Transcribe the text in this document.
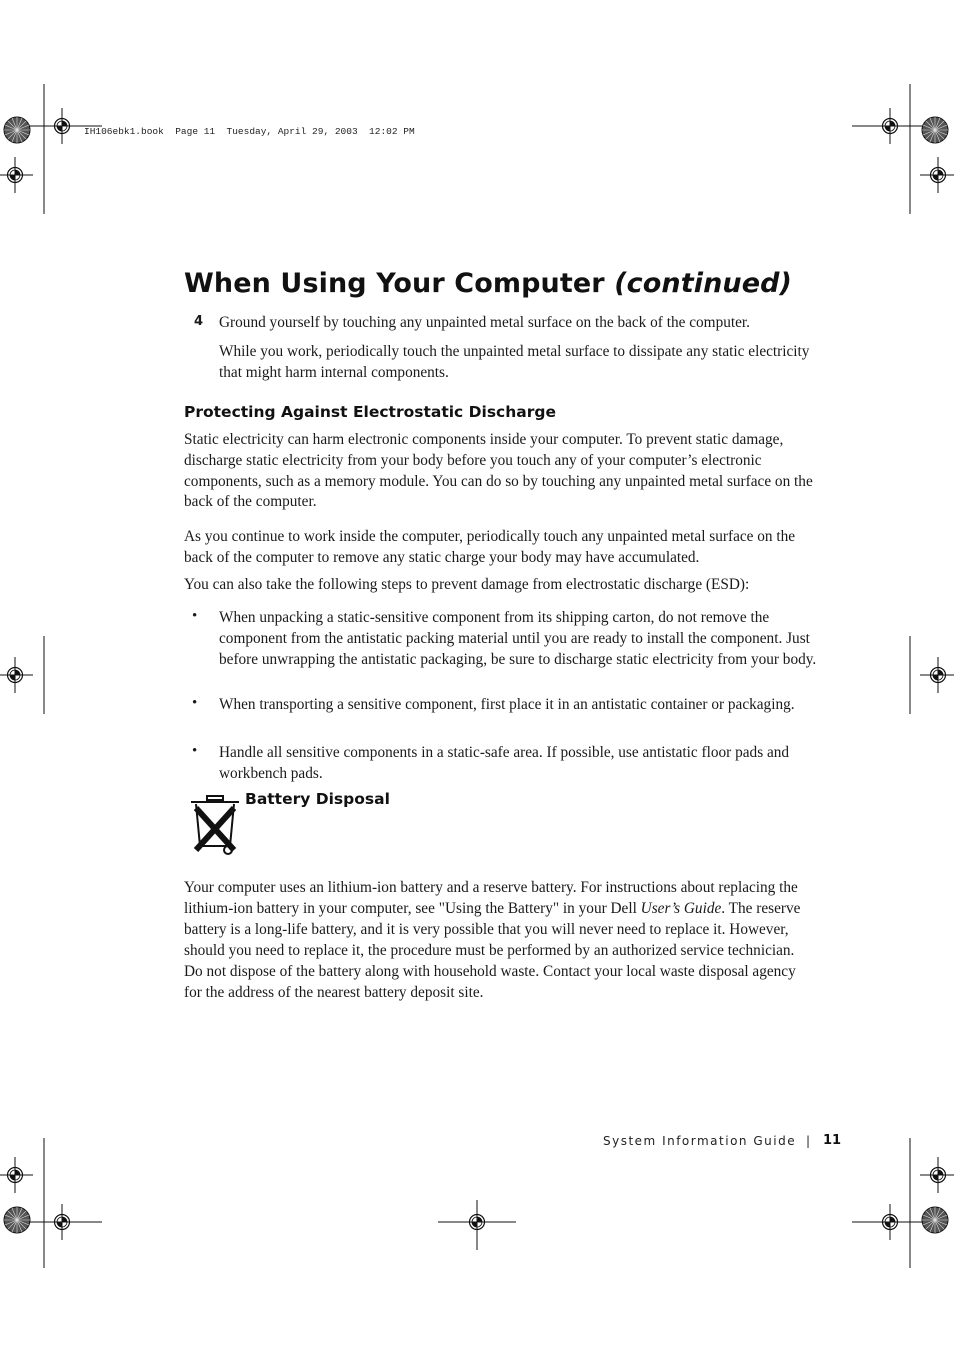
IH106ebk1.book  Page 11  Tuesday, April 29, 2003  12:02 PM
When Using Your Computer (continued)
4 Ground yourself by touching any unpainted metal surface on the back of the computer.

While you work, periodically touch the unpainted metal surface to dissipate any static electricity that might harm internal components.

Protecting Against Electrostatic Discharge

Static electricity can harm electronic components inside your computer. To prevent static damage, discharge static electricity from your body before you touch any of your computer’s electronic components, such as a memory module. You can do so by touching any unpainted metal surface on the back of the computer.

As you continue to work inside the computer, periodically touch any unpainted metal surface on the back of the computer to remove any static charge your body may have accumulated.

You can also take the following steps to prevent damage from electrostatic discharge (ESD):

• When unpacking a static-sensitive component from its shipping carton, do not remove the component from the antistatic packing material until you are ready to install the component. Just before unwrapping the antistatic packaging, be sure to discharge static electricity from your body.

• When transporting a sensitive component, first place it in an antistatic container or packaging.

• Handle all sensitive components in a static-safe area. If possible, use antistatic floor pads and workbench pads.

Battery Disposal

Your computer uses an lithium-ion battery and a reserve battery. For instructions about replacing the lithium-ion battery in your computer, see "Using the Battery" in your Dell User’s Guide. The reserve battery is a long-life battery, and it is very possible that you will never need to replace it. However, should you need to replace it, the procedure must be performed by an authorized service technician. Do not dispose of the battery along with household waste. Contact your local waste disposal agency for the address of the nearest battery deposit site.

System Information Guide | 11
